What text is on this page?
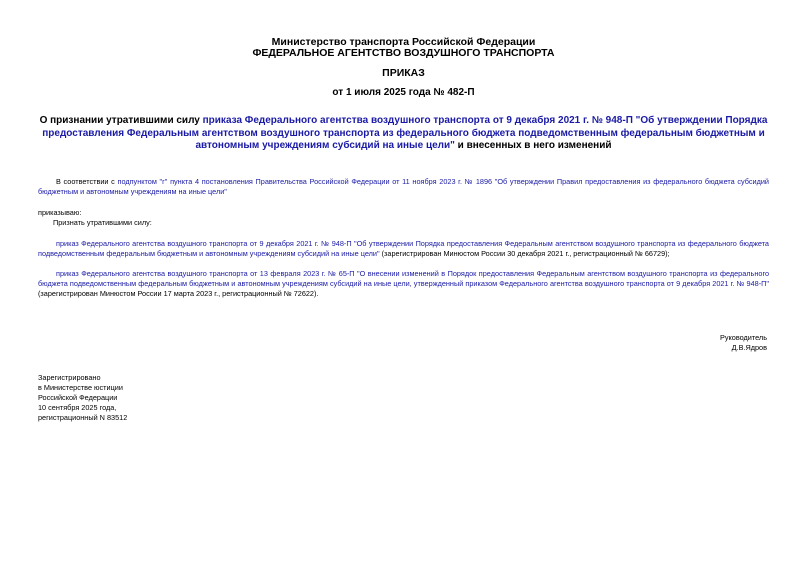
Министерство транспорта Российской Федерации
ФЕДЕРАЛЬНОЕ АГЕНТСТВО ВОЗДУШНОГО ТРАНСПОРТА
ПРИКАЗ
от 1 июля 2025 года № 482-П
О признании утратившими силу приказа Федерального агентства воздушного транспорта от 9 декабря 2021 г. № 948-П "Об утверждении Порядка предоставления Федеральным агентством воздушного транспорта из федерального бюджета подведомственным федеральным бюджетным и автономным учреждениям субсидий на иные цели" и внесенных в него изменений
В соответствии с подпунктом "г" пункта 4 постановления Правительства Российской Федерации от 11 ноября 2023 г. № 1896 "Об утверждении Правил предоставления из федерального бюджета субсидий бюджетным и автономным учреждениям на иные цели"
приказываю:
Признать утратившими силу:
приказ Федерального агентства воздушного транспорта от 9 декабря 2021 г. № 948-П "Об утверждении Порядка предоставления Федеральным агентством воздушного транспорта из федерального бюджета подведомственным федеральным бюджетным и автономным учреждениям субсидий на иные цели" (зарегистрирован Минюстом России 30 декабря 2021 г., регистрационный № 66729);
приказ Федерального агентства воздушного транспорта от 13 февраля 2023 г. № 65-П "О внесении изменений в Порядок предоставления Федеральным агентством воздушного транспорта из федерального бюджета подведомственным федеральным бюджетным и автономным учреждениям субсидий на иные цели, утвержденный приказом Федерального агентства воздушного транспорта от 9 декабря 2021 г. № 948-П" (зарегистрирован Минюстом России 17 марта 2023 г., регистрационный № 72622).
Руководитель
Д.В.Ядров
Зарегистрировано
в Министерстве юстиции
Российской Федерации
10 сентября 2025 года,
регистрационный N 83512
